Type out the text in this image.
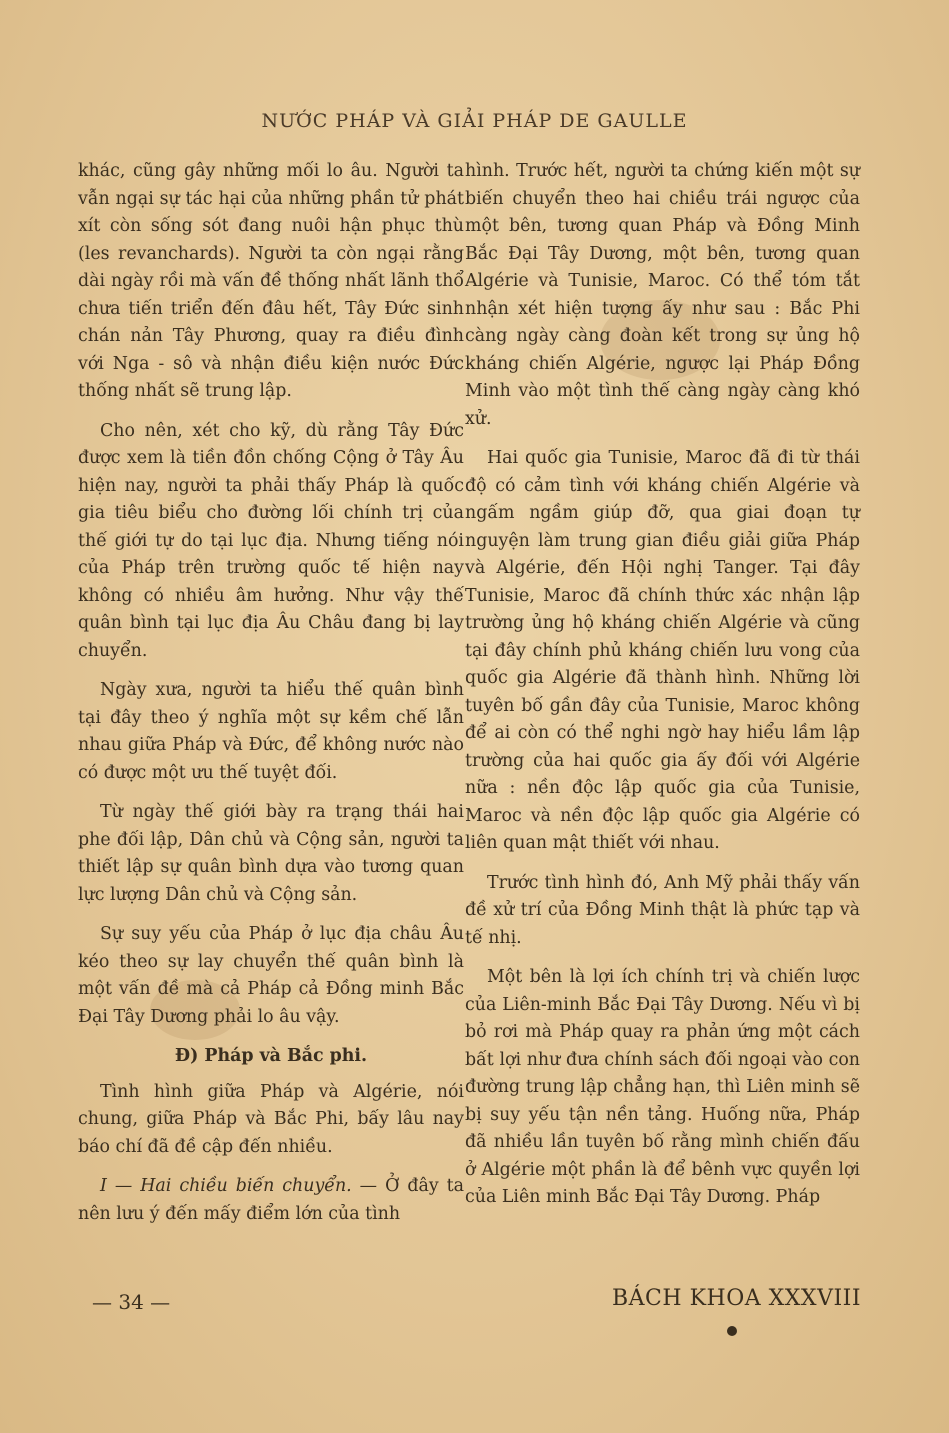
NƯỚC PHÁP VÀ GIẢI PHÁP DE GAULLE

khác, cũng gây những mối lo âu. Người ta vẫn ngại sự tác hại của những phần tử phát xít còn sống sót đang nuôi hận phục thù (les revanchards). Người ta còn ngại rằng dài ngày rồi mà vấn đề thống nhất lãnh thổ chưa tiến triển đến đâu hết, Tây Đức sinh chán nản Tây Phương, quay ra điều đình với Nga - sô và nhận điều kiện nước Đức thống nhất sẽ trung lập.

Cho nên, xét cho kỹ, dù rằng Tây Đức được xem là tiền đồn chống Cộng ở Tây Âu hiện nay, người ta phải thấy Pháp là quốc gia tiêu biểu cho đường lối chính trị của thế giới tự do tại lục địa. Nhưng tiếng nói của Pháp trên trường quốc tế hiện nay không có nhiều âm hưởng. Như vậy thế quân bình tại lục địa Âu Châu đang bị lay chuyển.

Ngày xưa, người ta hiểu thế quân bình tại đây theo ý nghĩa một sự kềm chế lẫn nhau giữa Pháp và Đức, để không nước nào có được một ưu thế tuyệt đối.

Từ ngày thế giới bày ra trạng thái hai phe đối lập, Dân chủ và Cộng sản, người ta thiết lập sự quân bình dựa vào tương quan lực lượng Dân chủ và Cộng sản.

Sự suy yếu của Pháp ở lục địa châu Âu kéo theo sự lay chuyển thế quân bình là một vấn đề mà cả Pháp cả Đồng minh Bắc Đại Tây Dương phải lo âu vậy.

Đ) Pháp và Bắc phi.

Tình hình giữa Pháp và Algérie, nói chung, giữa Pháp và Bắc Phi, bấy lâu nay báo chí đã đề cập đến nhiều.

I — Hai chiều biến chuyển. — Ở đây ta nên lưu ý đến mấy điểm lớn của tình

hình. Trước hết, người ta chứng kiến một sự biến chuyển theo hai chiều trái ngược của một bên, tương quan Pháp và Đồng Minh Bắc Đại Tây Dương, một bên, tương quan Algérie và Tunisie, Maroc. Có thể tóm tắt nhận xét hiện tượng ấy như sau : Bắc Phi càng ngày càng đoàn kết trong sự ủng hộ kháng chiến Algérie, ngược lại Pháp Đồng Minh vào một tình thế càng ngày càng khó xử.

Hai quốc gia Tunisie, Maroc đã đi từ thái độ có cảm tình với kháng chiến Algérie và ngấm ngầm giúp đỡ, qua giai đoạn tự nguyện làm trung gian điều giải giữa Pháp và Algérie, đến Hội nghị Tanger. Tại đây Tunisie, Maroc đã chính thức xác nhận lập trường ủng hộ kháng chiến Algérie và cũng tại đây chính phủ kháng chiến lưu vong của quốc gia Algérie đã thành hình. Những lời tuyên bố gần đây của Tunisie, Maroc không để ai còn có thể nghi ngờ hay hiểu lầm lập trường của hai quốc gia ấy đối với Algérie nữa : nền độc lập quốc gia của Tunisie, Maroc và nền độc lập quốc gia Algérie có liên quan mật thiết với nhau.

Trước tình hình đó, Anh Mỹ phải thấy vấn đề xử trí của Đồng Minh thật là phức tạp và tế nhị.

Một bên là lợi ích chính trị và chiến lược của Liên-minh Bắc Đại Tây Dương. Nếu vì bị bỏ rơi mà Pháp quay ra phản ứng một cách bất lợi như đưa chính sách đối ngoại vào con đường trung lập chẳng hạn, thì Liên minh sẽ bị suy yếu tận nền tảng. Huống nữa, Pháp đã nhiều lần tuyên bố rằng mình chiến đấu ở Algérie một phần là để bênh vực quyền lợi của Liên minh Bắc Đại Tây Dương. Pháp

— 34 —	BÁCH KHOA XXXVIII
